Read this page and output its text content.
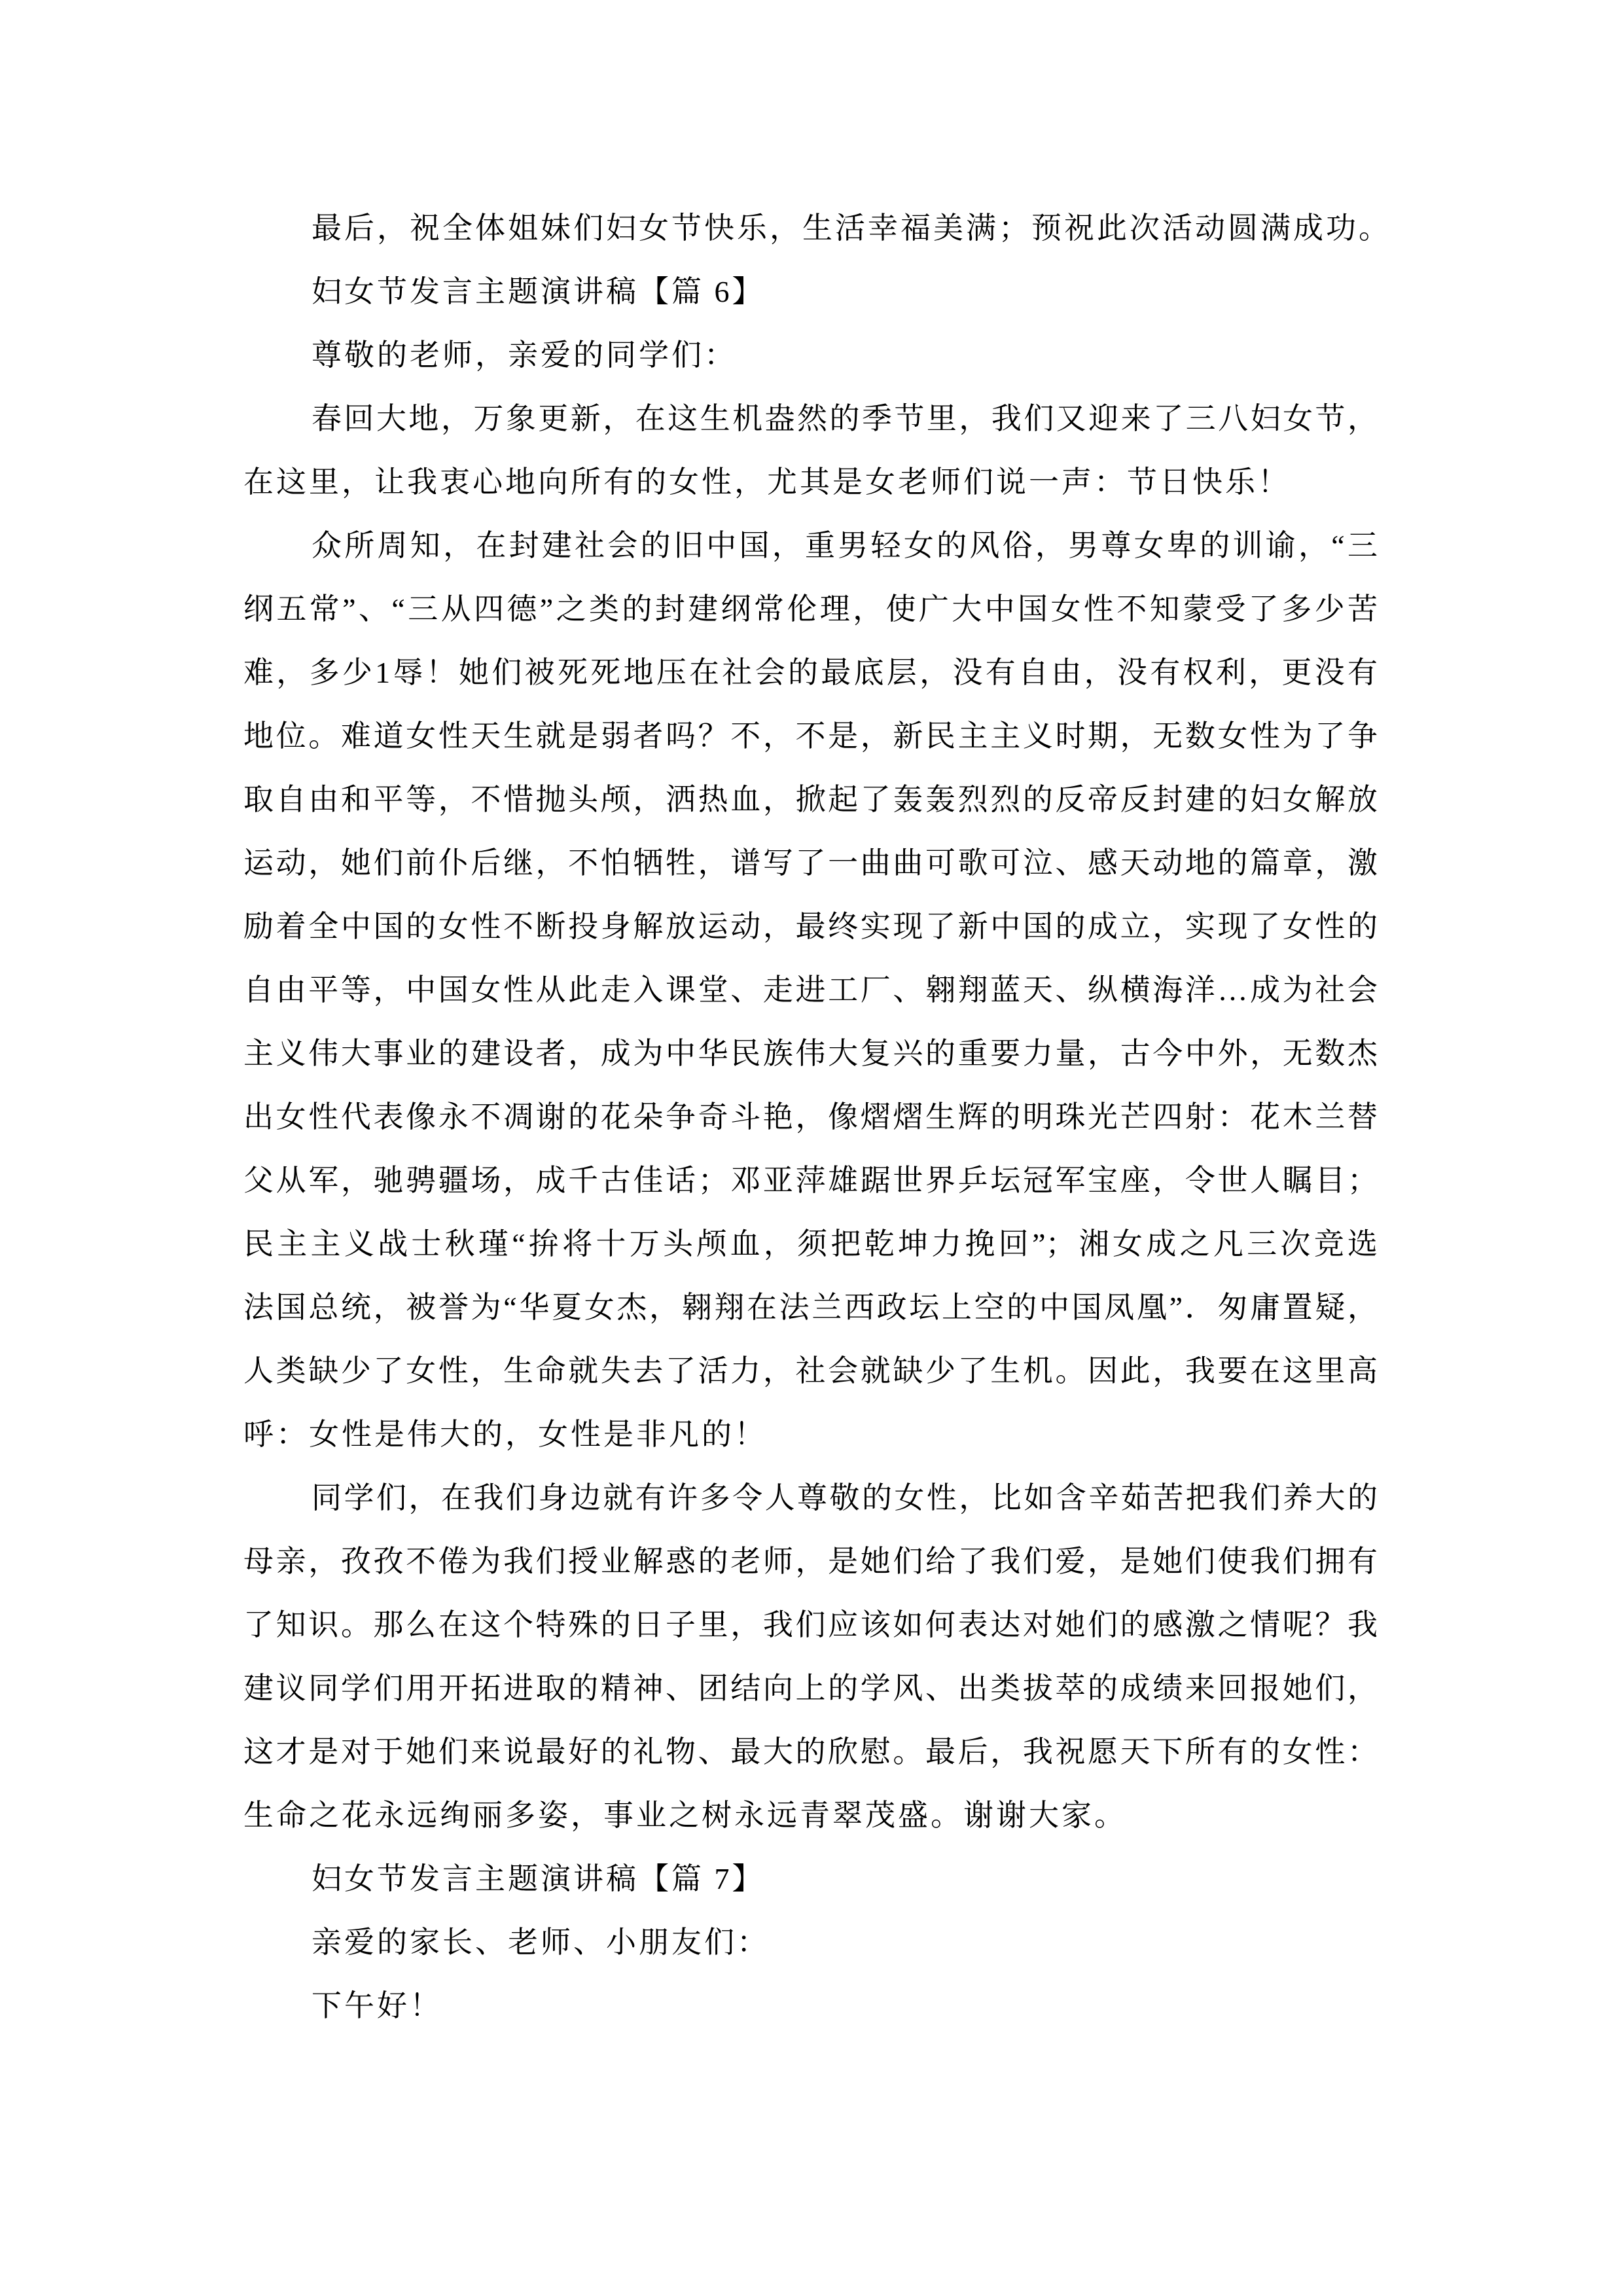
最后，祝全体姐妹们妇女节快乐，生活幸福美满；预祝此次活动圆满成功。
妇女节发言主题演讲稿【篇 6】
尊敬的老师，亲爱的同学们：
春回大地，万象更新，在这生机盎然的季节里，我们又迎来了三八妇女节，
在这里，让我衷心地向所有的女性，尤其是女老师们说一声：节日快乐！
众所周知，在封建社会的旧中国，重男轻女的风俗，男尊女卑的训谕，“三
纲五常”、“三从四德”之类的封建纲常伦理，使广大中国女性不知蒙受了多少苦
难，多少1辱！她们被死死地压在社会的最底层，没有自由，没有权利，更没有
地位。难道女性天生就是弱者吗？不，不是，新民主主义时期，无数女性为了争
取自由和平等，不惜抛头颅，洒热血，掀起了轰轰烈烈的反帝反封建的妇女解放
运动，她们前仆后继，不怕牺牲，谱写了一曲曲可歌可泣、感天动地的篇章，激
励着全中国的女性不断投身解放运动，最终实现了新中国的成立，实现了女性的
自由平等，中国女性从此走入课堂、走进工厂、翱翔蓝天、纵横海洋…成为社会
主义伟大事业的建设者，成为中华民族伟大复兴的重要力量，古今中外，无数杰
出女性代表像永不凋谢的花朵争奇斗艳，像熠熠生辉的明珠光芒四射：花木兰替
父从军，驰骋疆场，成千古佳话；邓亚萍雄踞世界乒坛冠军宝座，令世人瞩目；
民主主义战士秋瑾“拚将十万头颅血，须把乾坤力挽回”；湘女成之凡三次竞选
法国总统，被誉为“华夏女杰，翱翔在法兰西政坛上空的中国凤凰”．匆庸置疑，
人类缺少了女性，生命就失去了活力，社会就缺少了生机。因此，我要在这里高
呼：女性是伟大的，女性是非凡的！
同学们，在我们身边就有许多令人尊敬的女性，比如含辛茹苦把我们养大的
母亲，孜孜不倦为我们授业解惑的老师，是她们给了我们爱，是她们使我们拥有
了知识。那么在这个特殊的日子里，我们应该如何表达对她们的感激之情呢？我
建议同学们用开拓进取的精神、团结向上的学风、出类拔萃的成绩来回报她们，
这才是对于她们来说最好的礼物、最大的欣慰。最后，我祝愿天下所有的女性：
生命之花永远绚丽多姿，事业之树永远青翠茂盛。谢谢大家。
妇女节发言主题演讲稿【篇 7】
亲爱的家长、老师、小朋友们：
下午好！
